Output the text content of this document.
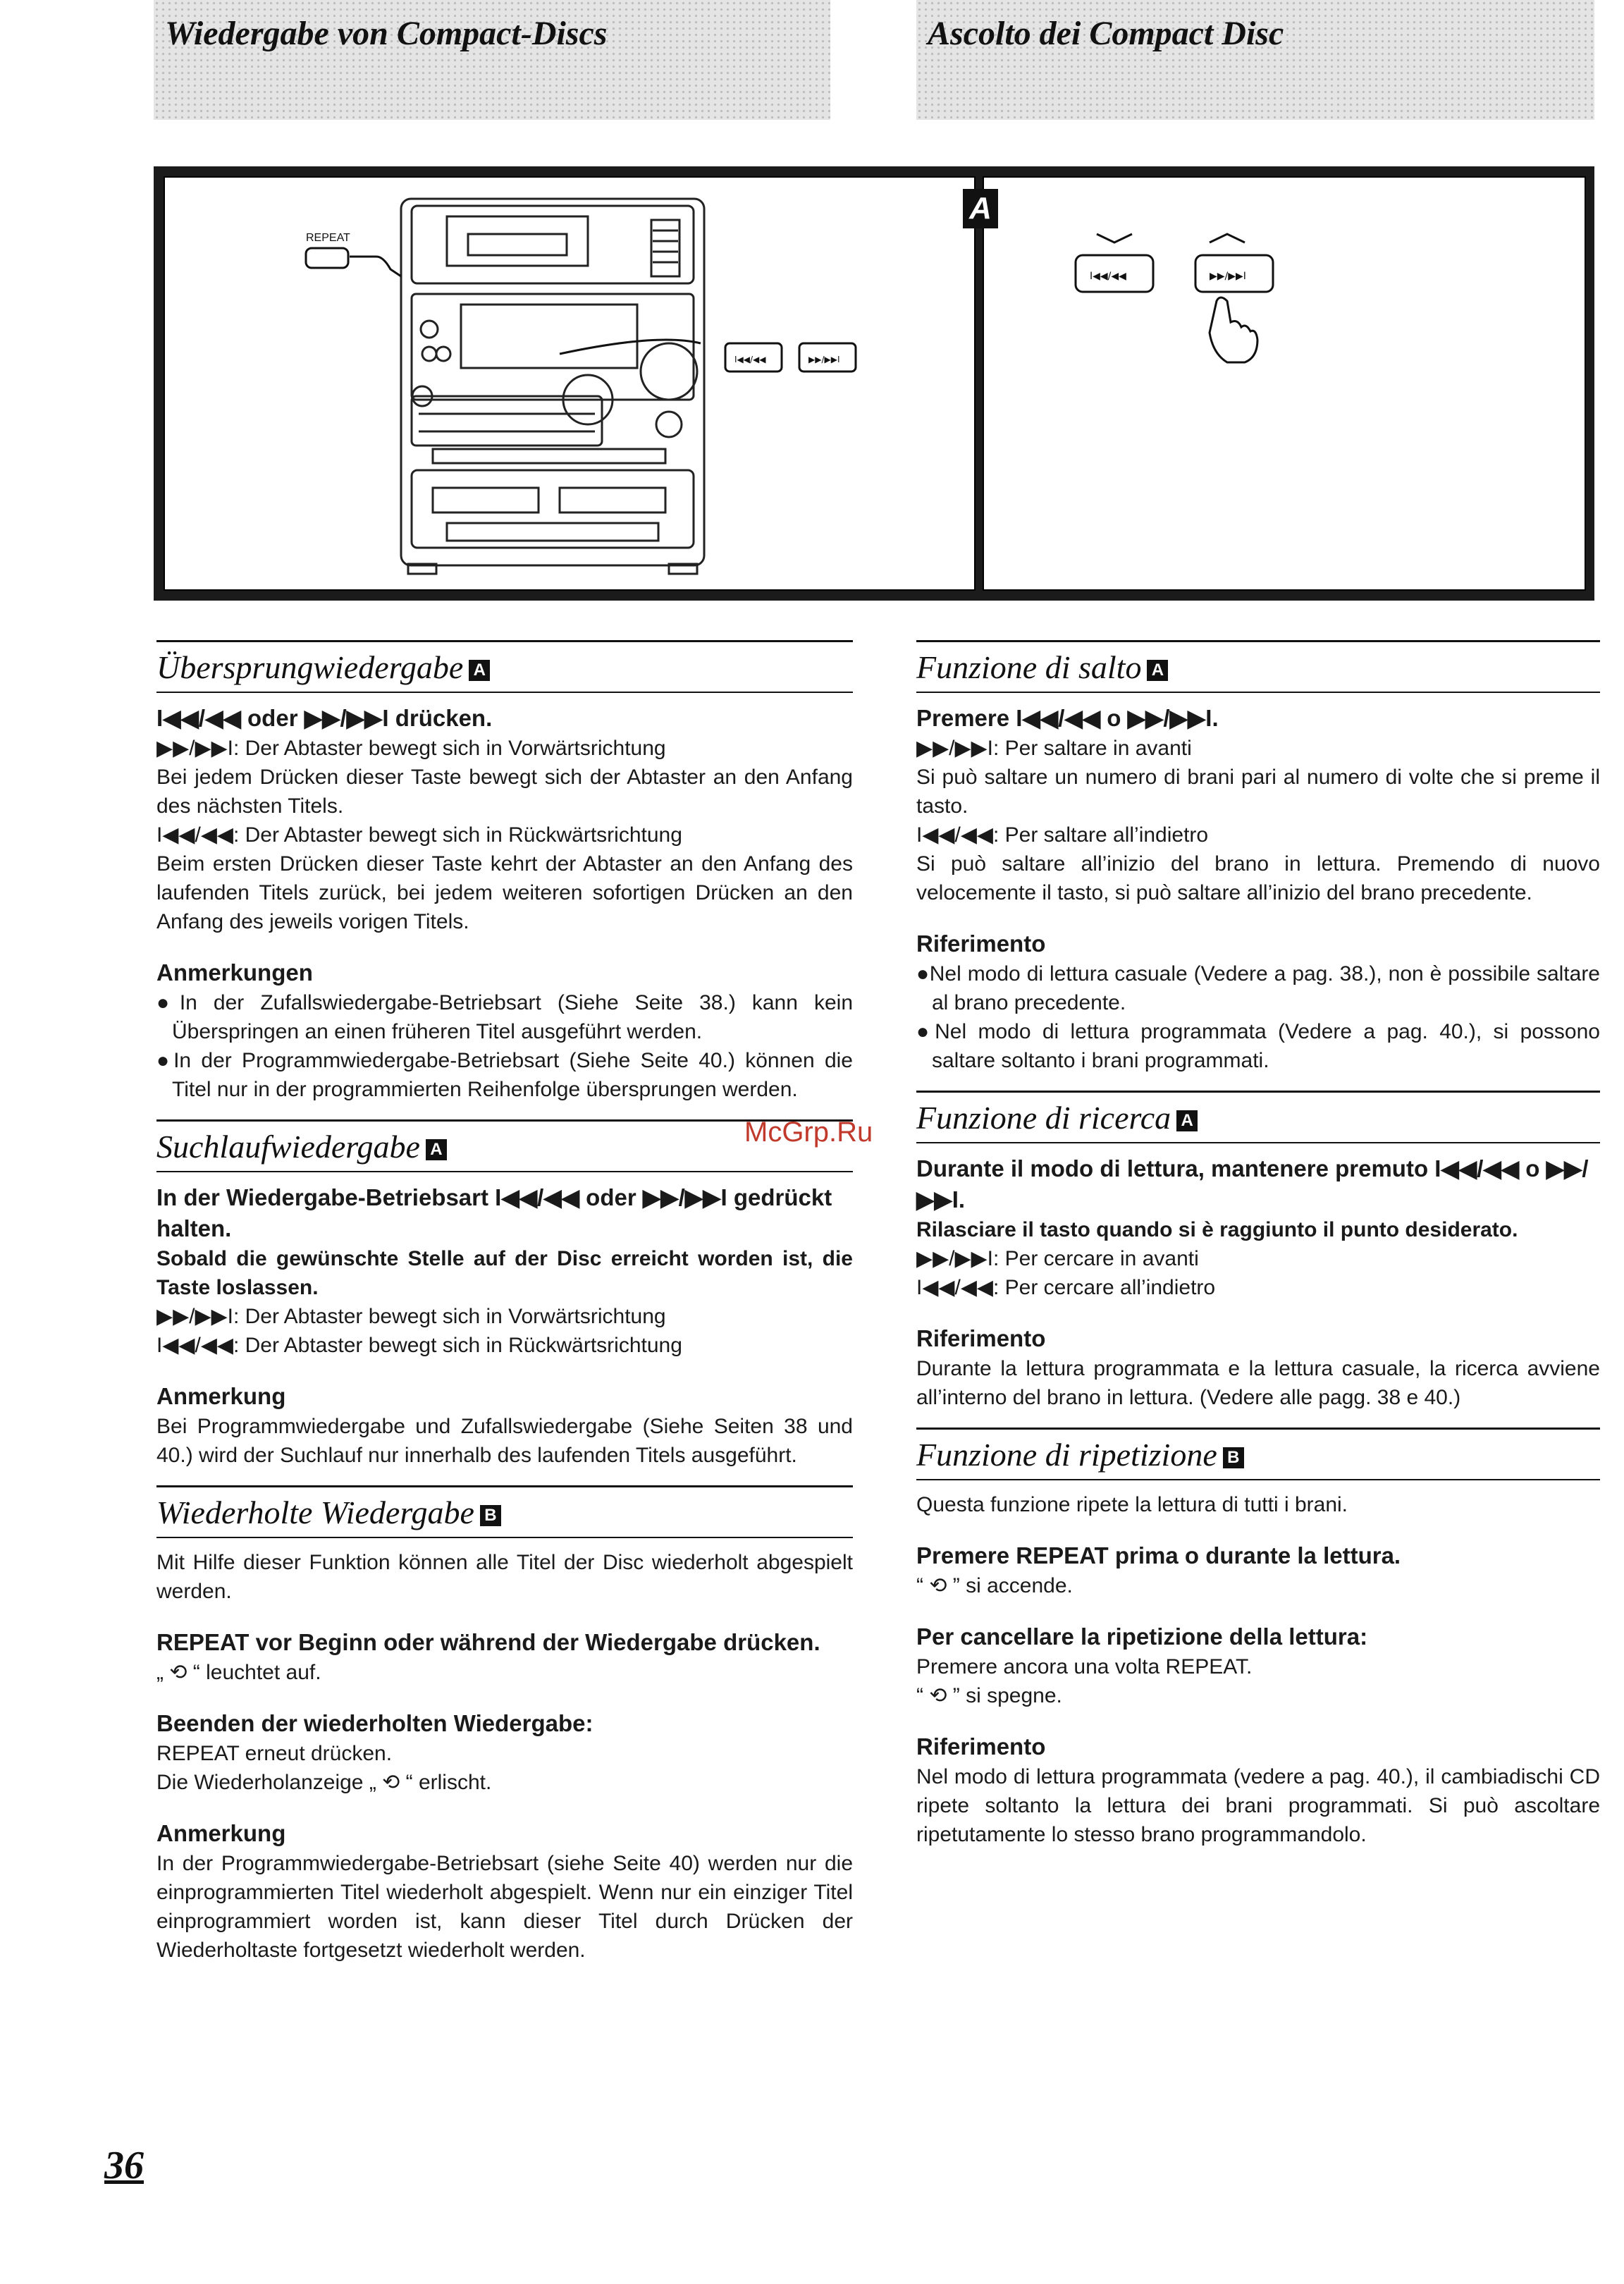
Wiedergabe von Compact-Discs	Ascolto dei Compact Disc
REPEAT
I◀◀/◀◀	▶▶/▶▶I
I◀◀/◀◀	▶▶/▶▶I
A
Übersprungwiedergabe A
I◀◀/◀◀ oder ▶▶/▶▶I drücken.

▶▶/▶▶I: Der Abtaster bewegt sich in Vorwärtsrichtung

Bei jedem Drücken dieser Taste bewegt sich der Abtaster an den Anfang des nächsten Titels.

I◀◀/◀◀: Der Abtaster bewegt sich in Rückwärtsrichtung

Beim ersten Drücken dieser Taste kehrt der Abtaster an den Anfang des laufenden Titels zurück, bei jedem weiteren sofortigen Drücken an den Anfang des jeweils vorigen Titels.

Anmerkungen

●In der Zufallswiedergabe-Betriebsart (Siehe Seite 38.) kann kein Überspringen an einen früheren Titel ausgeführt werden.

●In der Programmwiedergabe-Betriebsart (Siehe Seite 40.) können die Titel nur in der programmierten Reihenfolge übersprungen werden.

Suchlaufwiedergabe A
In der Wiedergabe-Betriebsart I◀◀/◀◀ oder ▶▶/▶▶I gedrückt halten.

Sobald die gewünschte Stelle auf der Disc erreicht worden ist, die Taste loslassen.

▶▶/▶▶I: Der Abtaster bewegt sich in Vorwärtsrichtung

I◀◀/◀◀: Der Abtaster bewegt sich in Rückwärtsrichtung

Anmerkung

Bei Programmwiedergabe und Zufallswiedergabe (Siehe Seiten 38 und 40.) wird der Suchlauf nur innerhalb des laufenden Titels ausgeführt.

Wiederholte Wiedergabe B

Mit Hilfe dieser Funktion können alle Titel der Disc wiederholt abgespielt werden.

REPEAT vor Beginn oder während der Wiedergabe drücken.

„ ⟲ “ leuchtet auf.

Beenden der wiederholten Wiedergabe:

REPEAT erneut drücken.

Die Wiederholanzeige „ ⟲ “ erlischt.

Anmerkung

In der Programmwiedergabe-Betriebsart (siehe Seite 40) werden nur die einprogrammierten Titel wiederholt abgespielt. Wenn nur ein einziger Titel einprogrammiert worden ist, kann dieser Titel durch Drücken der Wiederholtaste fortgesetzt wiederholt werden.

Funzione di salto A
Premere I◀◀/◀◀ o ▶▶/▶▶I.

▶▶/▶▶I: Per saltare in avanti

Si può saltare un numero di brani pari al numero di volte che si preme il tasto.

I◀◀/◀◀: Per saltare all’indietro

Si può saltare all’inizio del brano in lettura. Premendo di nuovo velocemente il tasto, si può saltare all’inizio del brano precedente.

Riferimento

●Nel modo di lettura casuale (Vedere a pag. 38.), non è possibile saltare al brano precedente.

●Nel modo di lettura programmata (Vedere a pag. 40.), si possono saltare soltanto i brani programmati.

Funzione di ricerca A
Durante il modo di lettura, mantenere premuto I◀◀/◀◀ o ▶▶/▶▶I.

Rilasciare il tasto quando si è raggiunto il punto desiderato.

▶▶/▶▶I: Per cercare in avanti

I◀◀/◀◀: Per cercare all’indietro

Riferimento

Durante la lettura programmata e la lettura casuale, la ricerca avviene all’interno del brano in lettura. (Vedere alle pagg. 38 e 40.)

Funzione di ripetizione B

Questa funzione ripete la lettura di tutti i brani.

Premere REPEAT prima o durante la lettura.

“ ⟲ ” si accende.

Per cancellare la ripetizione della lettura:

Premere ancora una volta REPEAT.

“ ⟲ ” si spegne.

Riferimento

Nel modo di lettura programmata (vedere a pag. 40.), il cambiadischi CD ripete soltanto la lettura dei brani programmati. Si può ascoltare ripetutamente lo stesso brano programmandolo.

McGrp.Ru
36
